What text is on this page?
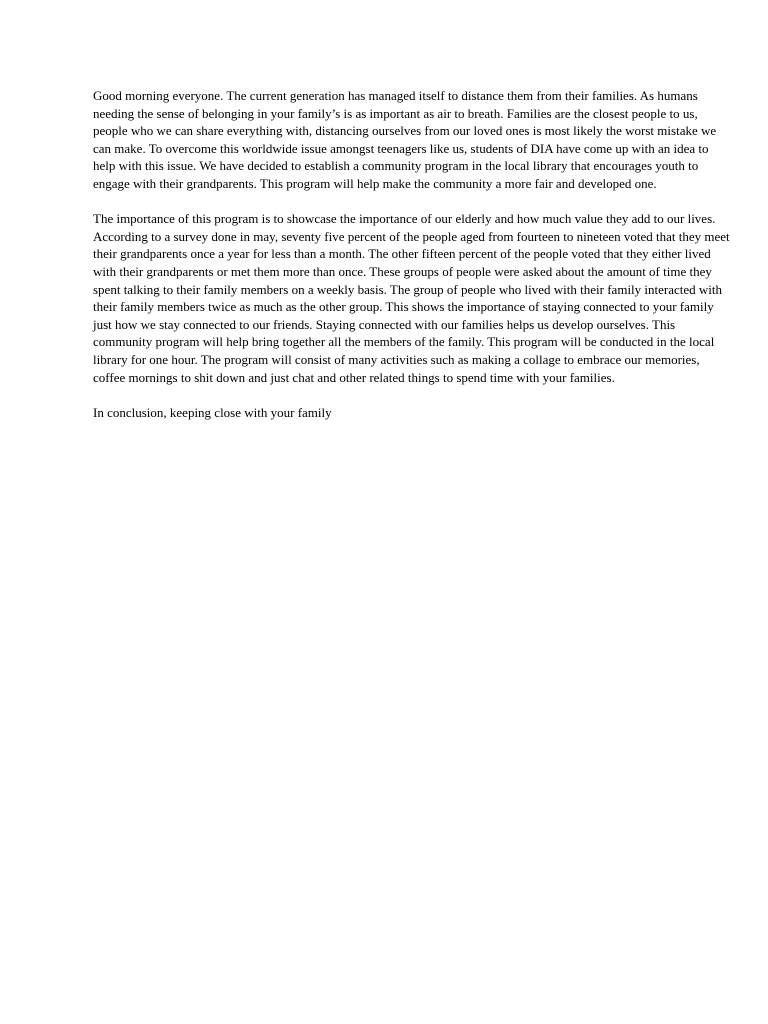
Good morning everyone. The current generation has managed itself to distance them from their families. As humans needing the sense of belonging in your family’s is as important as air to breath. Families are the closest people to us, people who we can share everything with, distancing ourselves from our loved ones is most likely the worst mistake we can make. To overcome this worldwide issue amongst teenagers like us, students of DIA have come up with an idea to help with this issue. We have decided to establish a community program in the local library that encourages youth to engage with their grandparents. This program will help make the community a more fair and developed one.

The importance of this program is to showcase the importance of our elderly and how much value they add to our lives. According to a survey done in may, seventy five percent of the people aged from fourteen to nineteen voted that they meet their grandparents once a year for less than a month. The other fifteen percent of the people voted that they either lived with their grandparents or met them more than once. These groups of people were asked about the amount of time they spent talking to their family members on a weekly basis. The group of people who lived with their family interacted with their family members twice as much as the other group. This shows the importance of staying connected to your family just how we stay connected to our friends. Staying connected with our families helps us develop ourselves. This community program will help bring together all the members of the family. This program will be conducted in the local library for one hour. The program will consist of many activities such as making a collage to embrace our memories, coffee mornings to shit down and just chat and other related things to spend time with your families.

In conclusion, keeping close with your family
